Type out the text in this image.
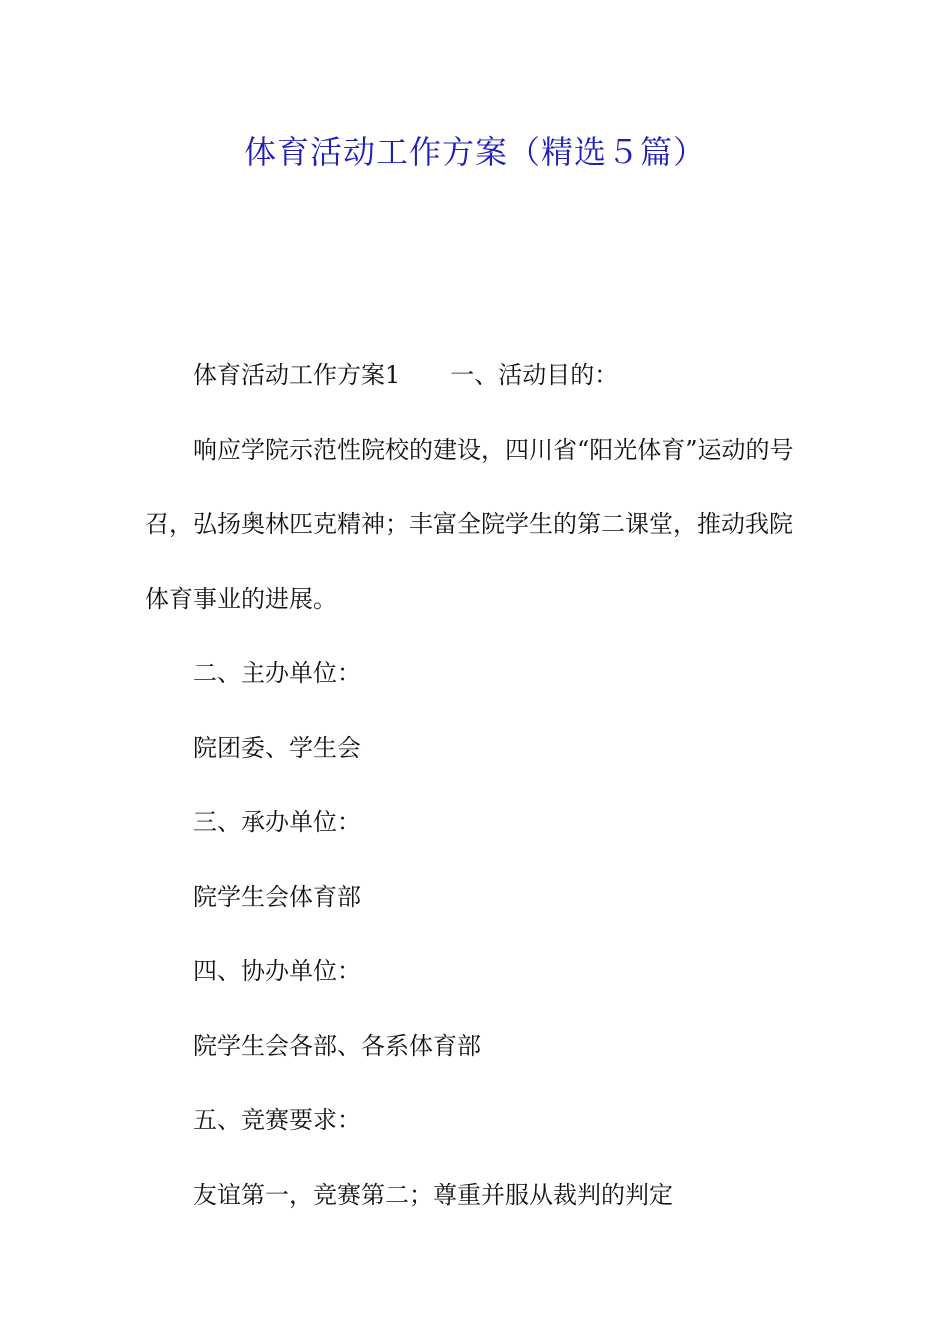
体育活动工作方案（精选５篇）

体育活动工作方案1 一、活动目的：

响应学院示范性院校的建设，四川省“阳光体育”运动的号召，弘扬奥林匹克精神；丰富全院学生的第二课堂，推动我院体育事业的进展。

二、主办单位：

院团委、学生会

三、承办单位：

院学生会体育部

四、协办单位：

院学生会各部、各系体育部

五、竞赛要求：

友谊第一，竞赛第二；尊重并服从裁判的判定
